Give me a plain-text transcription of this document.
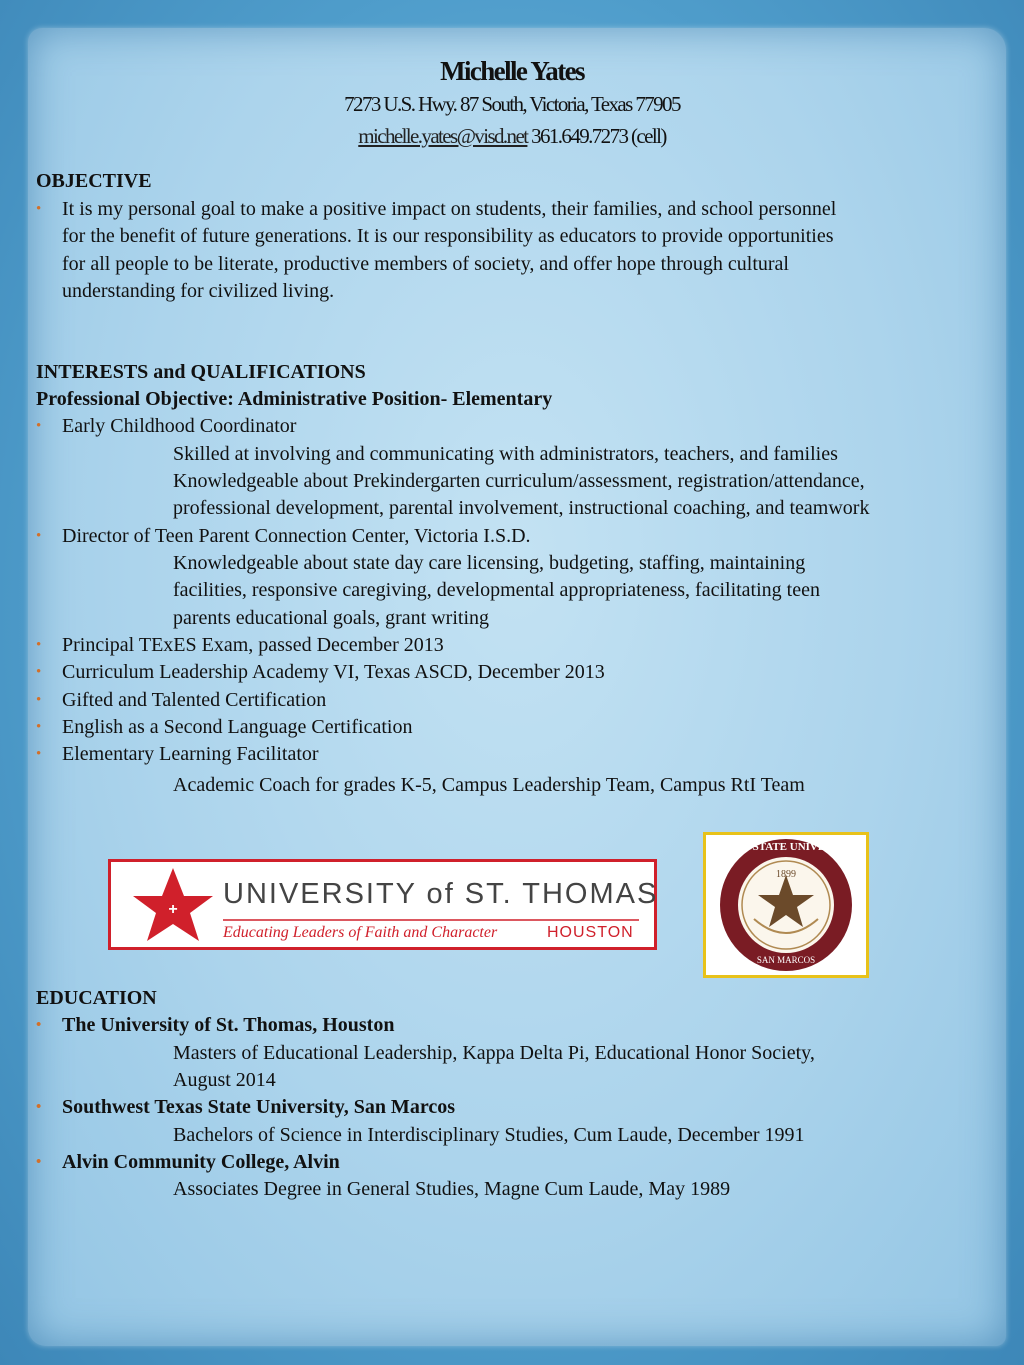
Michelle Yates
7273 U.S. Hwy. 87 South, Victoria, Texas 77905
michelle.yates@visd.net 361.649.7273 (cell)
OBJECTIVE
• It is my personal goal to make a positive impact on students, their families, and school personnel
for the benefit of future generations. It is our responsibility as educators to provide opportunities
for all people to be literate, productive members of society, and offer hope through cultural
understanding for civilized living.
INTERESTS and QUALIFICATIONS
Professional Objective: Administrative Position- Elementary
• Early Childhood Coordinator
Skilled at involving and communicating with administrators, teachers, and families
Knowledgeable about Prekindergarten curriculum/assessment, registration/attendance,
professional development, parental involvement, instructional coaching, and teamwork
• Director of Teen Parent Connection Center, Victoria I.S.D.
Knowledgeable about state day care licensing, budgeting, staffing, maintaining
facilities, responsive caregiving, developmental appropriateness, facilitating teen
parents educational goals, grant writing
• Principal TExES Exam, passed December 2013
• Curriculum Leadership Academy VI, Texas ASCD, December 2013
• Gifted and Talented Certification
• English as a Second Language Certification
• Elementary Learning Facilitator
Academic Coach for grades K-5, Campus Leadership Team, Campus RtI Team
+ UNIVERSITY of ST. THOMAS
Educating Leaders of Faith and Character	HOUSTON
TEXAS STATE UNIVERSITY
1899
SAN MARCOS
EDUCATION
• The University of St. Thomas, Houston
Masters of Educational Leadership, Kappa Delta Pi, Educational Honor Society,
August 2014
• Southwest Texas State University, San Marcos
Bachelors of Science in Interdisciplinary Studies, Cum Laude, December 1991
• Alvin Community College, Alvin
Associates Degree in General Studies, Magne Cum Laude, May 1989
